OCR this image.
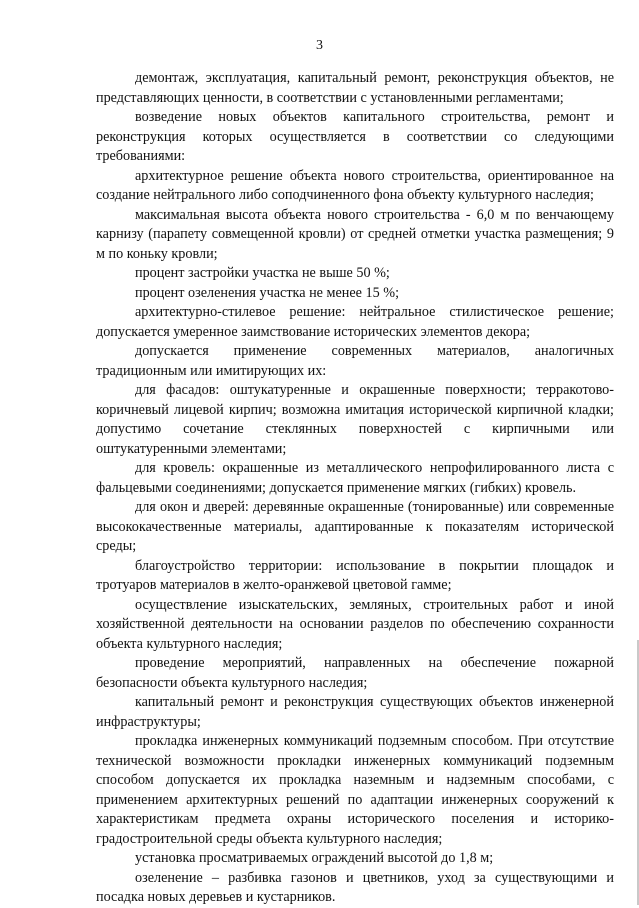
3

демонтаж, эксплуатация, капитальный ремонт, реконструкция объектов, не представляющих ценности, в соответствии с установленными регламентами;

возведение новых объектов капитального строительства, ремонт и реконструкция которых осуществляется в соответствии со следующими требованиями:

архитектурное решение объекта нового строительства, ориентированное на создание нейтрального либо соподчиненного фона объекту культурного наследия;

максимальная высота объекта нового строительства - 6,0 м по венчающему карнизу (парапету совмещенной кровли) от средней отметки участка размещения; 9 м по коньку кровли;

процент застройки участка не выше 50 %;

процент озеленения участка не менее 15 %;

архитектурно-стилевое решение: нейтральное стилистическое решение; допускается умеренное заимствование исторических элементов декора;

допускается применение современных материалов, аналогичных традиционным или имитирующих их:

для фасадов: оштукатуренные и окрашенные поверхности; терракотово-коричневый лицевой кирпич; возможна имитация исторической кирпичной кладки; допустимо сочетание стеклянных поверхностей с кирпичными или оштукатуренными элементами;

для кровель: окрашенные из металлического непрофилированного листа с фальцевыми соединениями; допускается применение мягких (гибких) кровель.

для окон и дверей: деревянные окрашенные (тонированные) или современные высококачественные материалы, адаптированные к показателям исторической среды;

благоустройство территории: использование в покрытии площадок и тротуаров материалов в желто-оранжевой цветовой гамме;

осуществление изыскательских, земляных, строительных работ и иной хозяйственной деятельности на основании разделов по обеспечению сохранности объекта культурного наследия;

проведение мероприятий, направленных на обеспечение пожарной безопасности объекта культурного наследия;

капитальный ремонт и реконструкция существующих объектов инженерной инфраструктуры;

прокладка инженерных коммуникаций подземным способом. При отсутствие технической возможности прокладки инженерных коммуникаций подземным способом допускается их прокладка наземным и надземным способами, с применением архитектурных решений по адаптации инженерных сооружений к характеристикам предмета охраны исторического поселения и историко-градостроительной среды объекта культурного наследия;

установка просматриваемых ограждений высотой до 1,8 м;

озеленение – разбивка газонов и цветников, уход за существующими и посадка новых деревьев и кустарников.
